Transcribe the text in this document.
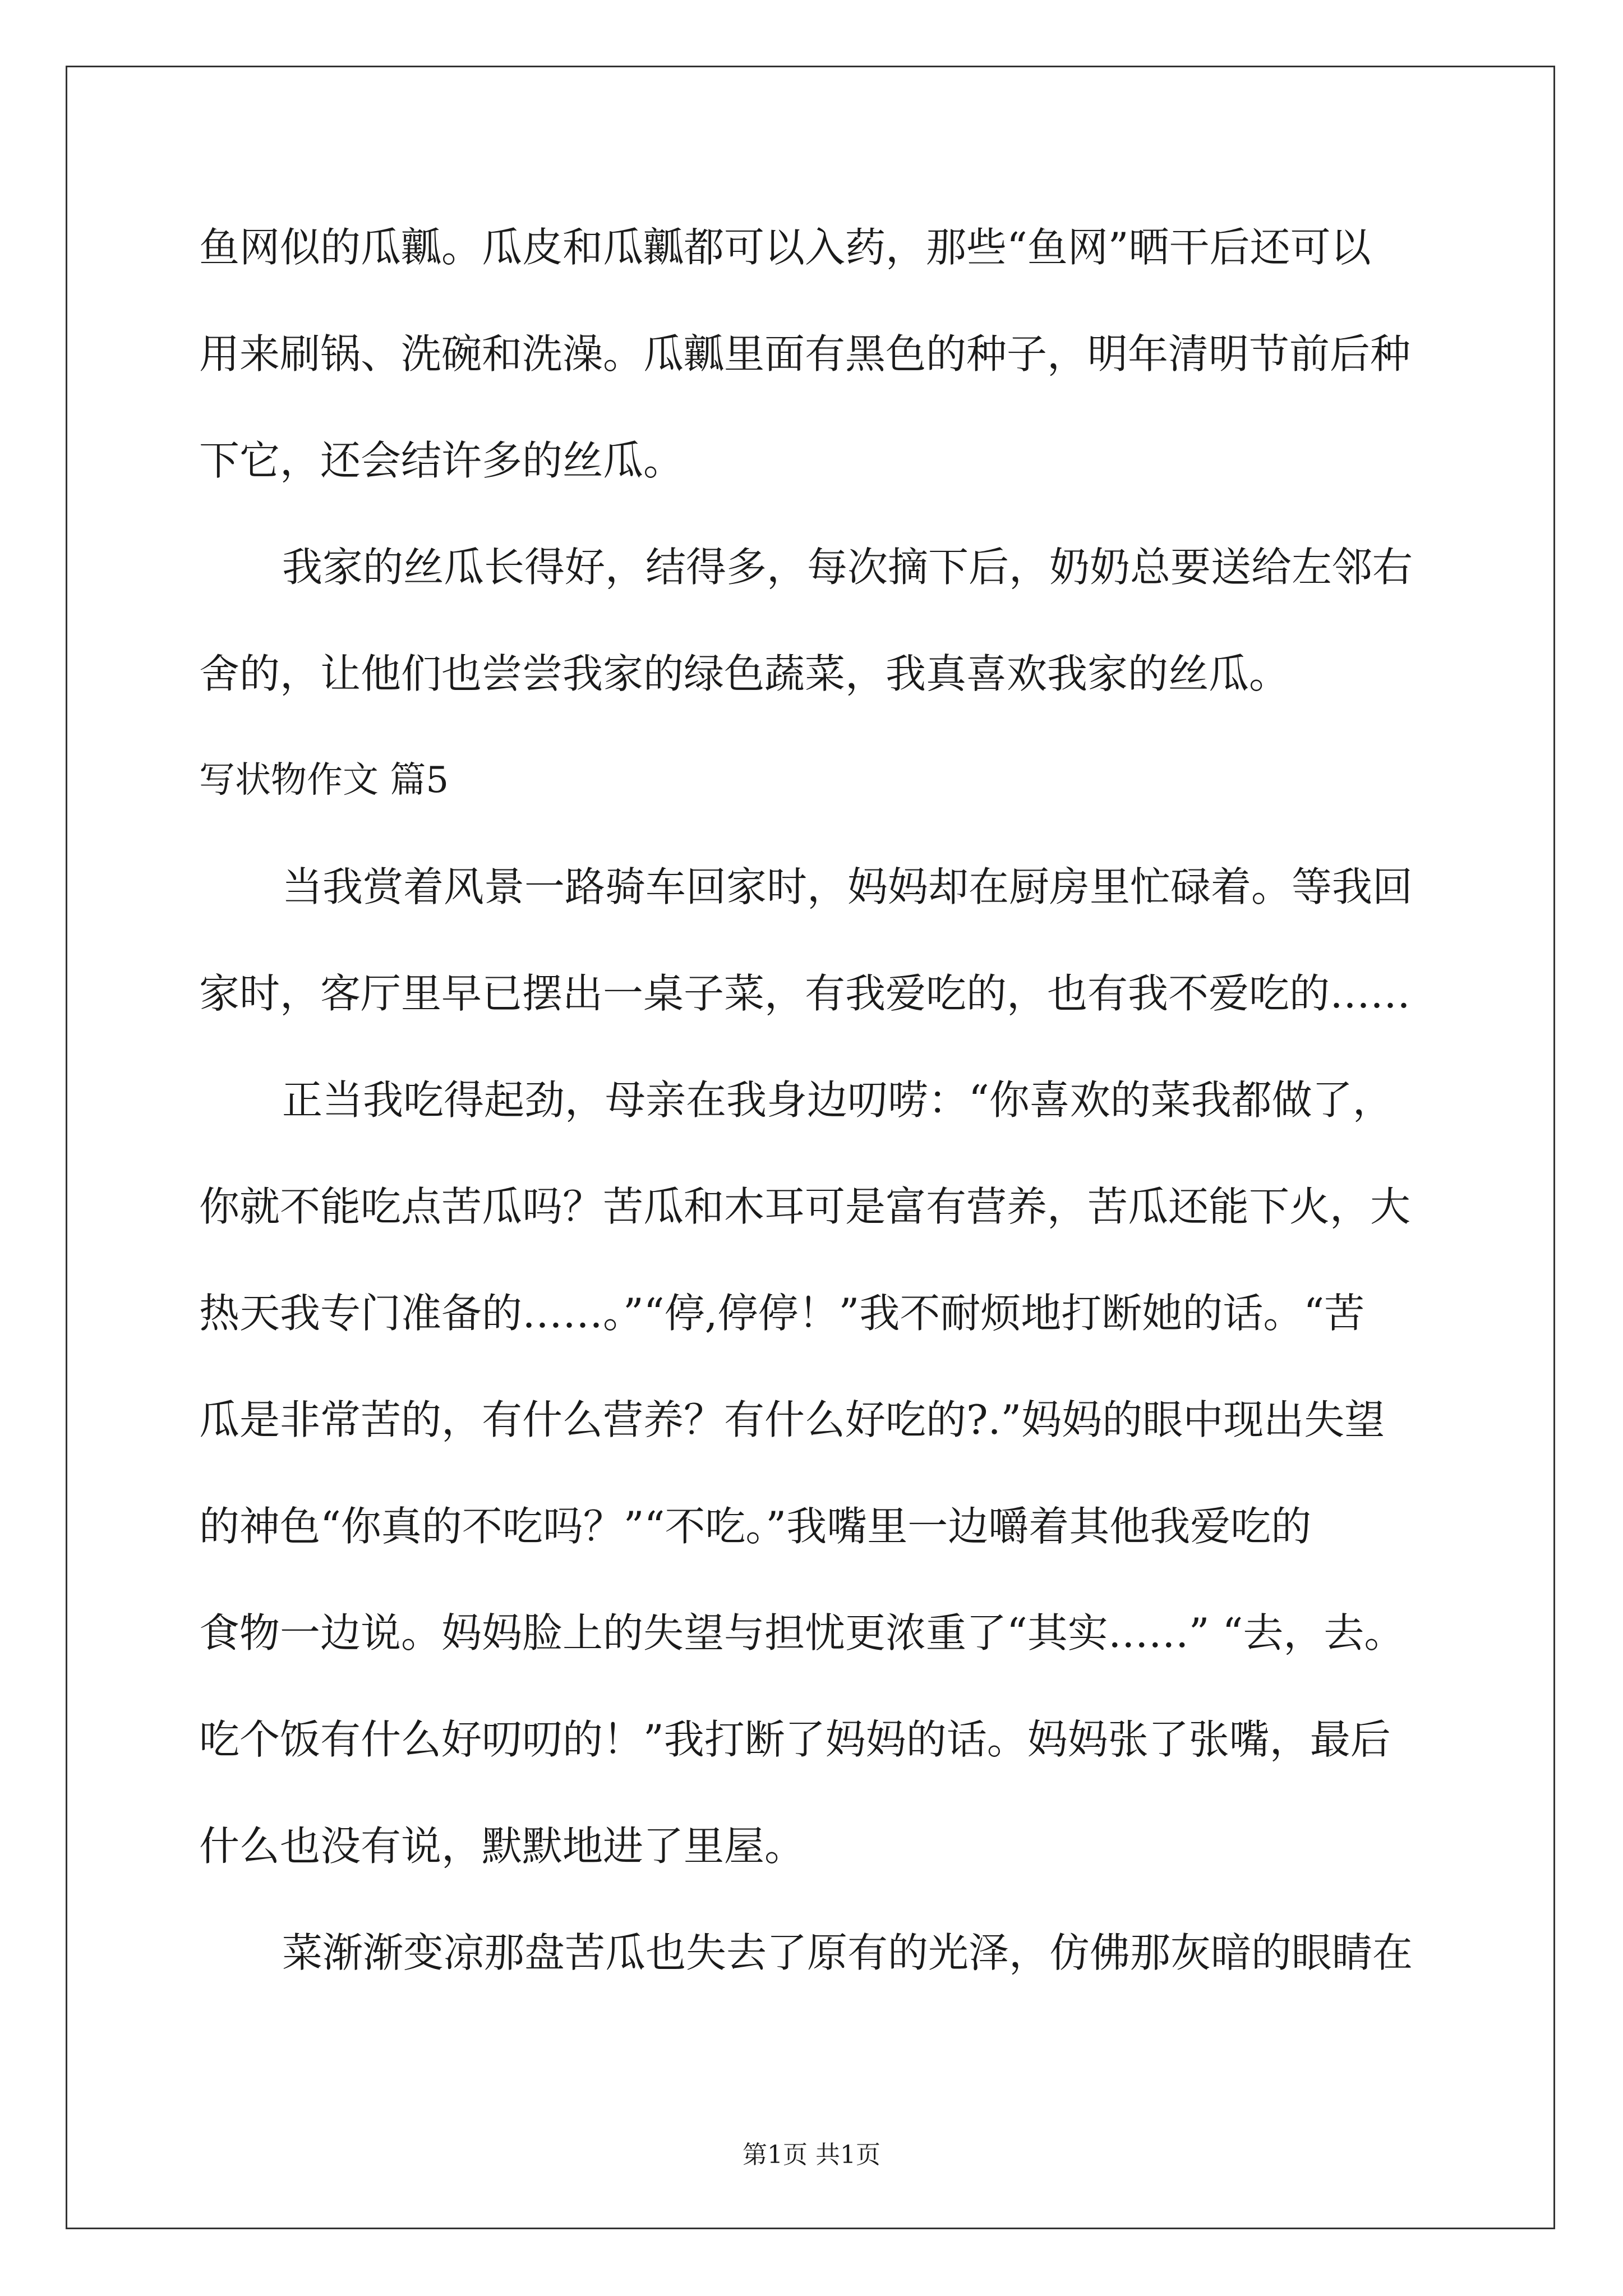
鱼网似的瓜瓤。瓜皮和瓜瓤都可以入药，那些“鱼网”晒干后还可以
用来刷锅、洗碗和洗澡。瓜瓤里面有黑色的种子，明年清明节前后种
下它，还会结许多的丝瓜。
我家的丝瓜长得好，结得多，每次摘下后，奶奶总要送给左邻右
舍的，让他们也尝尝我家的绿色蔬菜，我真喜欢我家的丝瓜。
写状物作文 篇5
当我赏着风景一路骑车回家时，妈妈却在厨房里忙碌着。等我回
家时，客厅里早已摆出一桌子菜，有我爱吃的，也有我不爱吃的……
正当我吃得起劲，母亲在我身边叨唠：“你喜欢的菜我都做了，
你就不能吃点苦瓜吗？苦瓜和木耳可是富有营养，苦瓜还能下火，大
热天我专门准备的……。”“停,停停！”我不耐烦地打断她的话。“苦
瓜是非常苦的，有什么营养？有什么好吃的?.”妈妈的眼中现出失望
的神色“你真的不吃吗？”“不吃。”我嘴里一边嚼着其他我爱吃的
食物一边说。妈妈脸上的失望与担忧更浓重了“其实……” “去，去。
吃个饭有什么好叨叨的！”我打断了妈妈的话。妈妈张了张嘴，最后
什么也没有说，默默地进了里屋。
菜渐渐变凉那盘苦瓜也失去了原有的光泽，仿佛那灰暗的眼睛在
第1页 共1页
